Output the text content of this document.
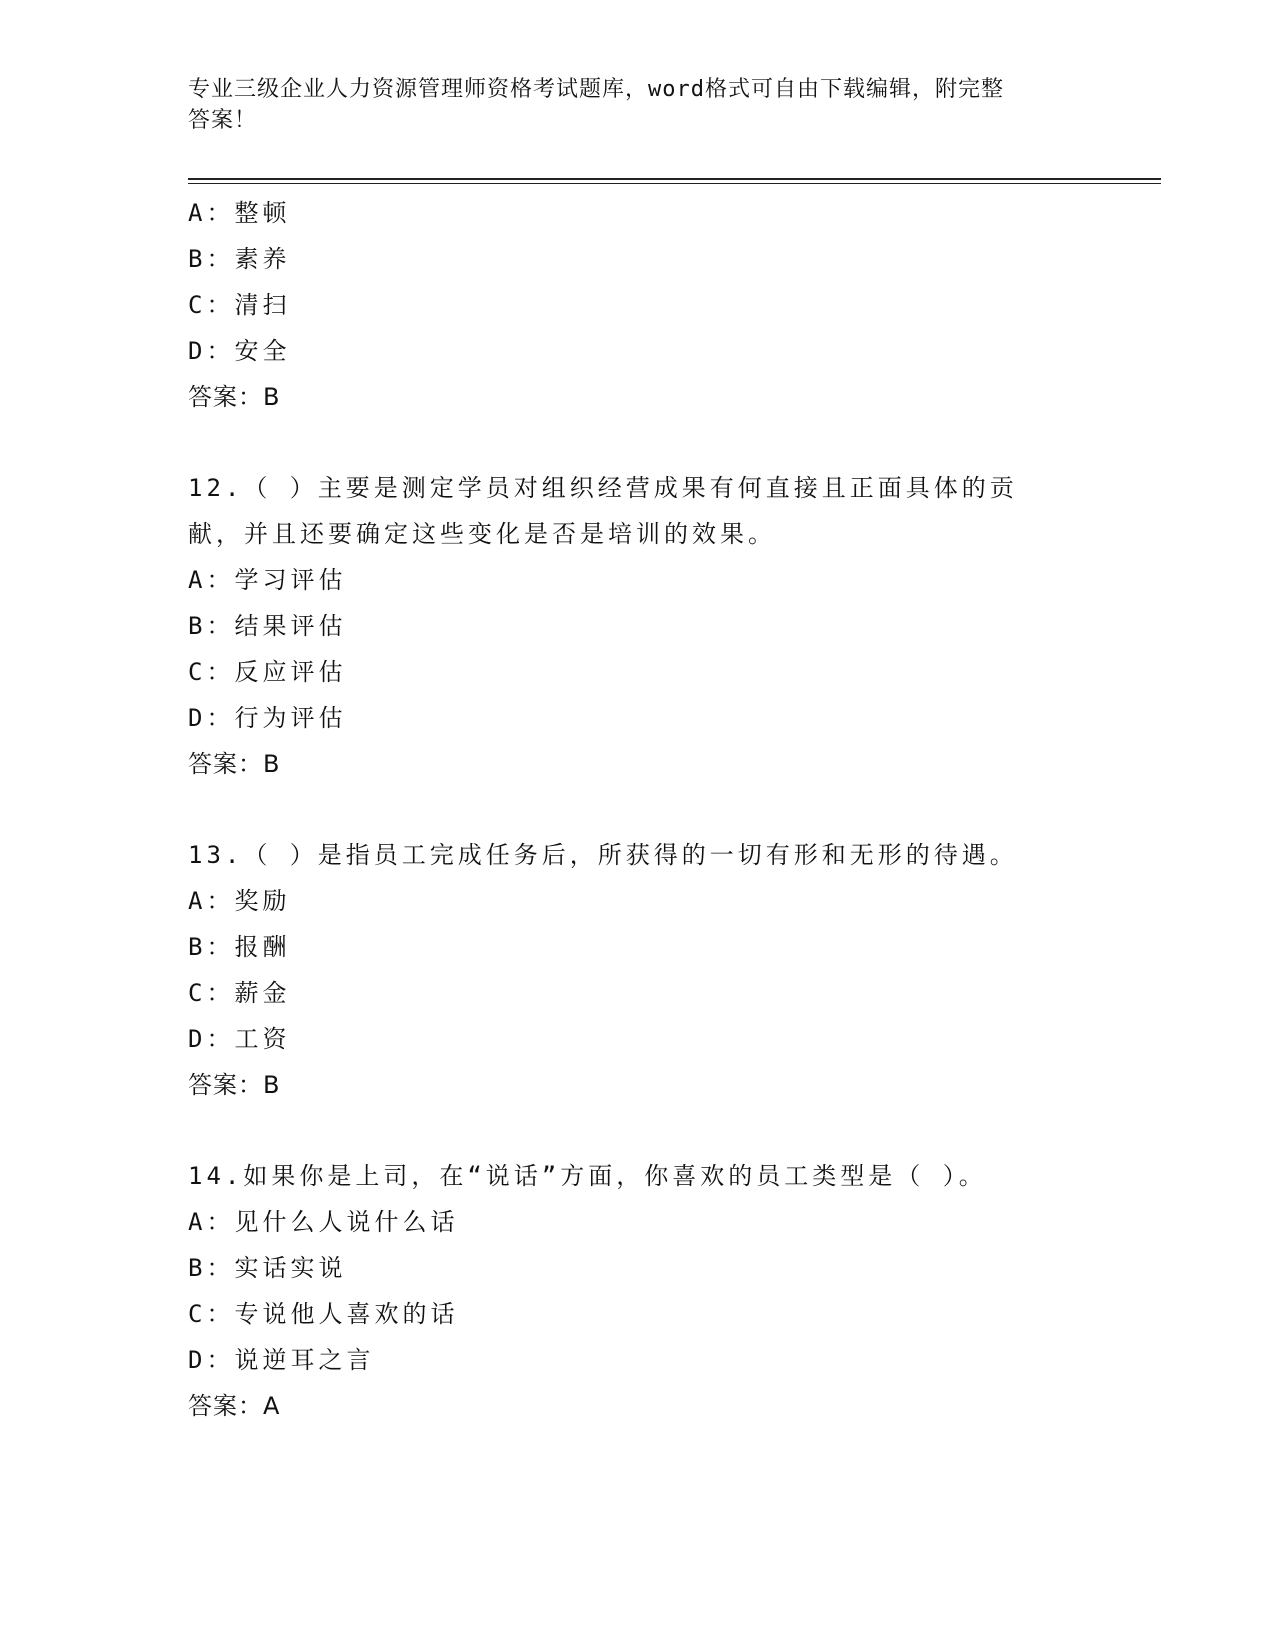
专业三级企业人力资源管理师资格考试题库，word格式可自由下载编辑，附完整
答案！
A：整顿
B：素养
C：清扫
D：安全
答案：B
12.（ ）主要是测定学员对组织经营成果有何直接且正面具体的贡
献，并且还要确定这些变化是否是培训的效果。
A：学习评估
B：结果评估
C：反应评估
D：行为评估
答案：B
13.（ ）是指员工完成任务后，所获得的一切有形和无形的待遇。
A：奖励
B：报酬
C：薪金
D：工资
答案：B
14.如果你是上司，在“说话”方面，你喜欢的员工类型是（ ）。
A：见什么人说什么话
B：实话实说
C：专说他人喜欢的话
D：说逆耳之言
答案：A
